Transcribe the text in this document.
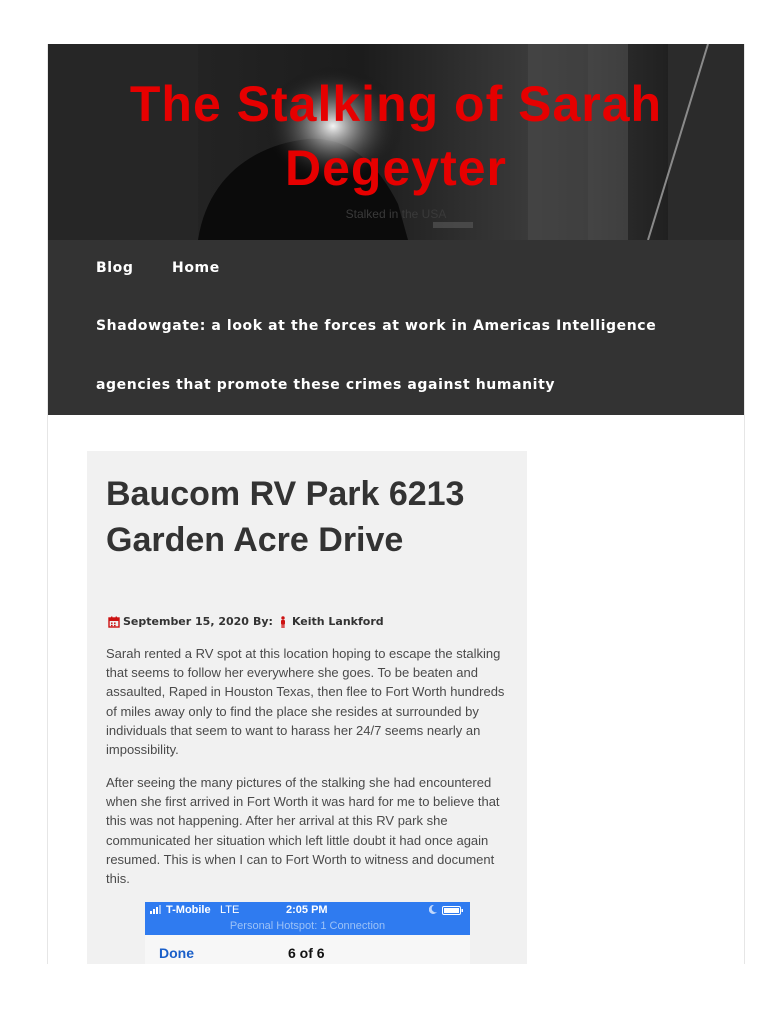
The Stalking of Sarah Degeyter
Stalked in the USA
Blog	Home
Shadowgate: a look at the forces at work in Americas Intelligence
agencies that promote these crimes against humanity
Baucom RV Park 6213 Garden Acre Drive
September 15, 2020 By: Keith Lankford

Sarah rented a RV spot at this location hoping to escape the stalking that seems to follow her everywhere she goes. To be beaten and assaulted, Raped in Houston Texas, then flee to Fort Worth hundreds of miles away only to find the place she resides at surrounded by individuals that seem to want to harass her 24/7 seems nearly an impossibility.

After seeing the many pictures of the stalking she had encountered when she first arrived in Fort Worth it was hard for me to believe that this was not happening. After her arrival at this RV park she communicated her situation which left little doubt it had once again resumed. This is when I can to Fort Worth to witness and document this.

T-Mobile LTE	2:05 PM
Personal Hotspot: 1 Connection
Done	6 of 6
